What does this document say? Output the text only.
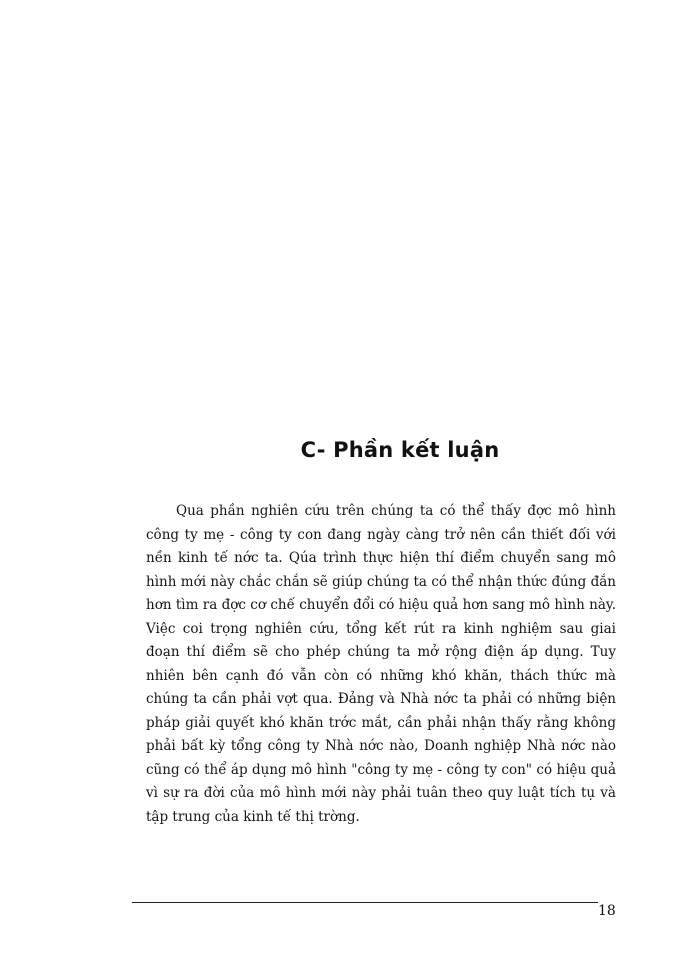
C- Phần kết luận

Qua phần nghiên cứu trên chúng ta có thể thấy đợc mô hình công ty mẹ - công ty con đang ngày càng trở nên cần thiết đối với nền kinh tế nớc ta. Qúa trình thực hiện thí điểm chuyển sang mô hình mới này chắc chắn sẽ giúp chúng ta có thể nhận thức đúng đắn hơn tìm ra đợc cơ chế chuyển đổi có hiệu quả hơn sang mô hình này. Việc coi trọng nghiên cứu, tổng kết rút ra kinh nghiệm sau giai đoạn thí điểm sẽ cho phép chúng ta mở rộng điện áp dụng. Tuy nhiên bên cạnh đó vẫn còn có những khó khăn, thách thức mà chúng ta cần phải vợt qua. Đảng và Nhà nớc ta phải có những biện pháp giải quyết khó khăn trớc mắt, cần phải nhận thấy rằng không phải bất kỳ tổng công ty Nhà nớc nào, Doanh nghiệp Nhà nớc nào cũng có thể áp dụng mô hình "công ty mẹ - công ty con" có hiệu quả vì sự ra đời của mô hình mới này phải tuân theo quy luật tích tụ và tập trung của kinh tế thị trờng.

18
